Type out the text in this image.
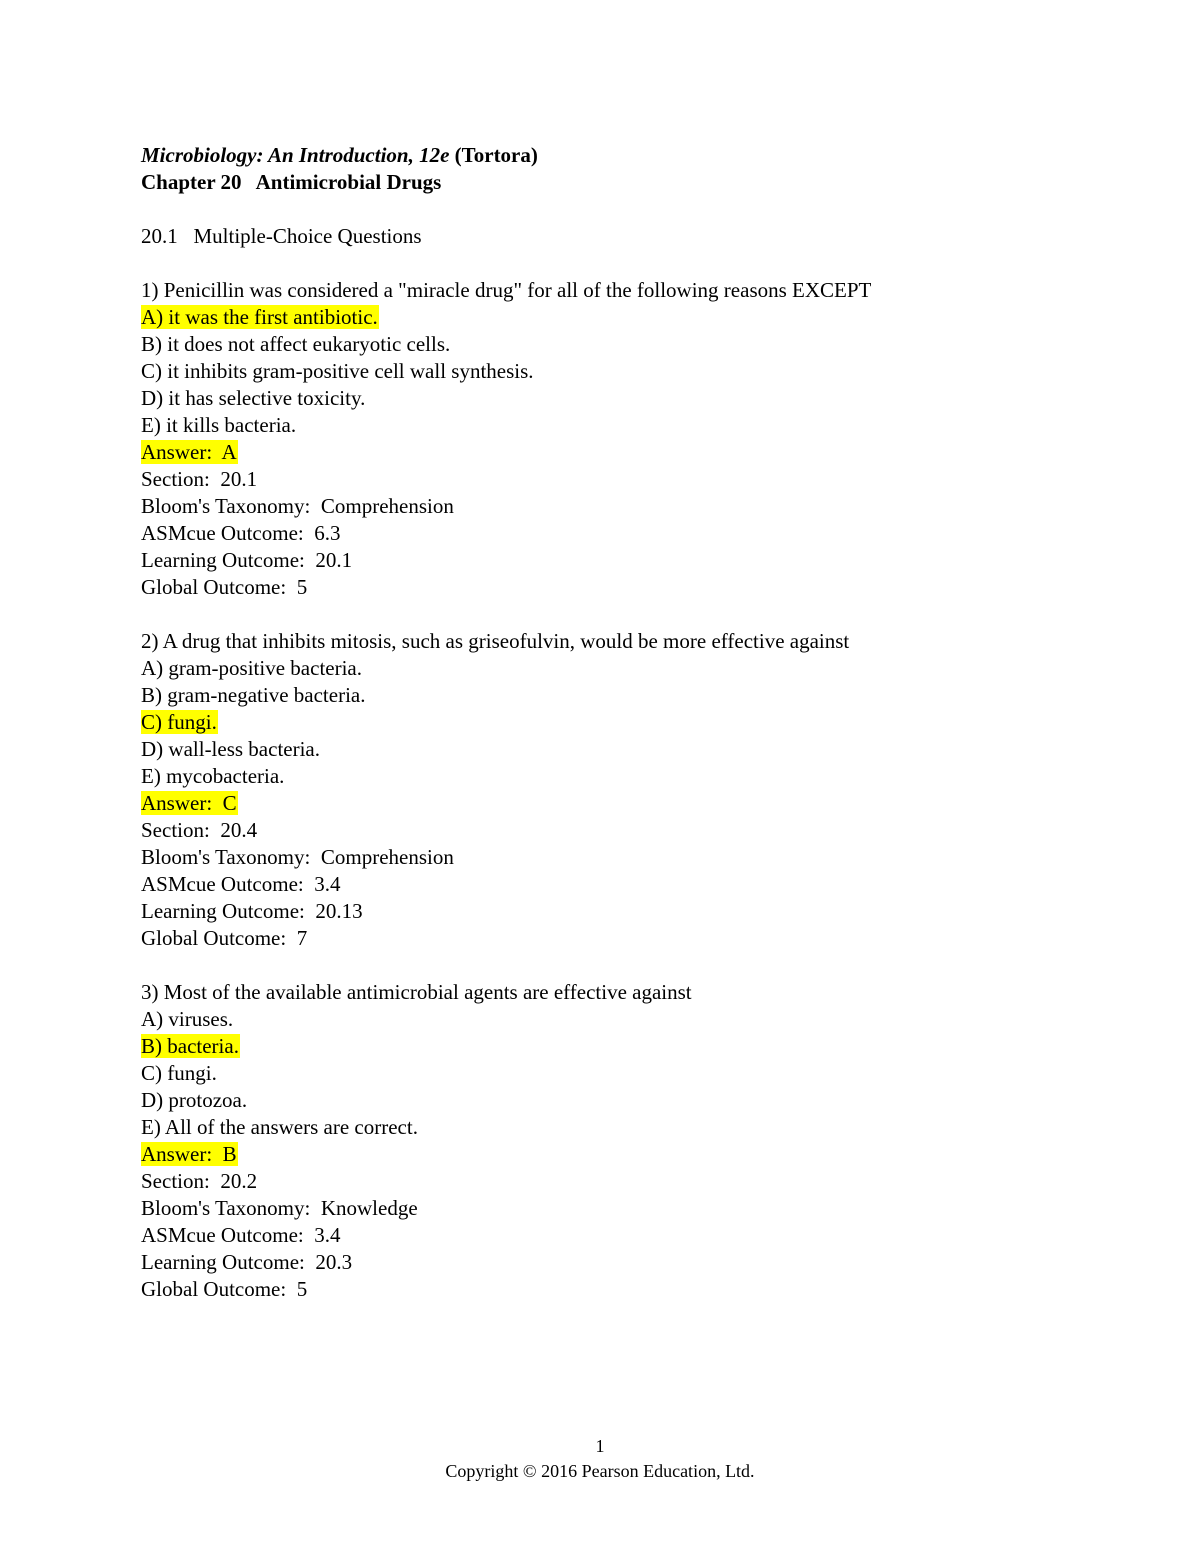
Microbiology: An Introduction, 12e (Tortora)
Chapter 20 Antimicrobial Drugs
20.1   Multiple-Choice Questions
1) Penicillin was considered a "miracle drug" for all of the following reasons EXCEPT
A) it was the first antibiotic.
B) it does not affect eukaryotic cells.
C) it inhibits gram-positive cell wall synthesis.
D) it has selective toxicity.
E) it kills bacteria.
Answer:  A
Section:  20.1
Bloom's Taxonomy:  Comprehension
ASMcue Outcome:  6.3
Learning Outcome:  20.1
Global Outcome:  5
2) A drug that inhibits mitosis, such as griseofulvin, would be more effective against
A) gram-positive bacteria.
B) gram-negative bacteria.
C) fungi.
D) wall-less bacteria.
E) mycobacteria.
Answer:  C
Section:  20.4
Bloom's Taxonomy:  Comprehension
ASMcue Outcome:  3.4
Learning Outcome:  20.13
Global Outcome:  7
3) Most of the available antimicrobial agents are effective against
A) viruses.
B) bacteria.
C) fungi.
D) protozoa.
E) All of the answers are correct.
Answer:  B
Section:  20.2
Bloom's Taxonomy:  Knowledge
ASMcue Outcome:  3.4
Learning Outcome:  20.3
Global Outcome:  5
1
Copyright © 2016 Pearson Education, Ltd.
